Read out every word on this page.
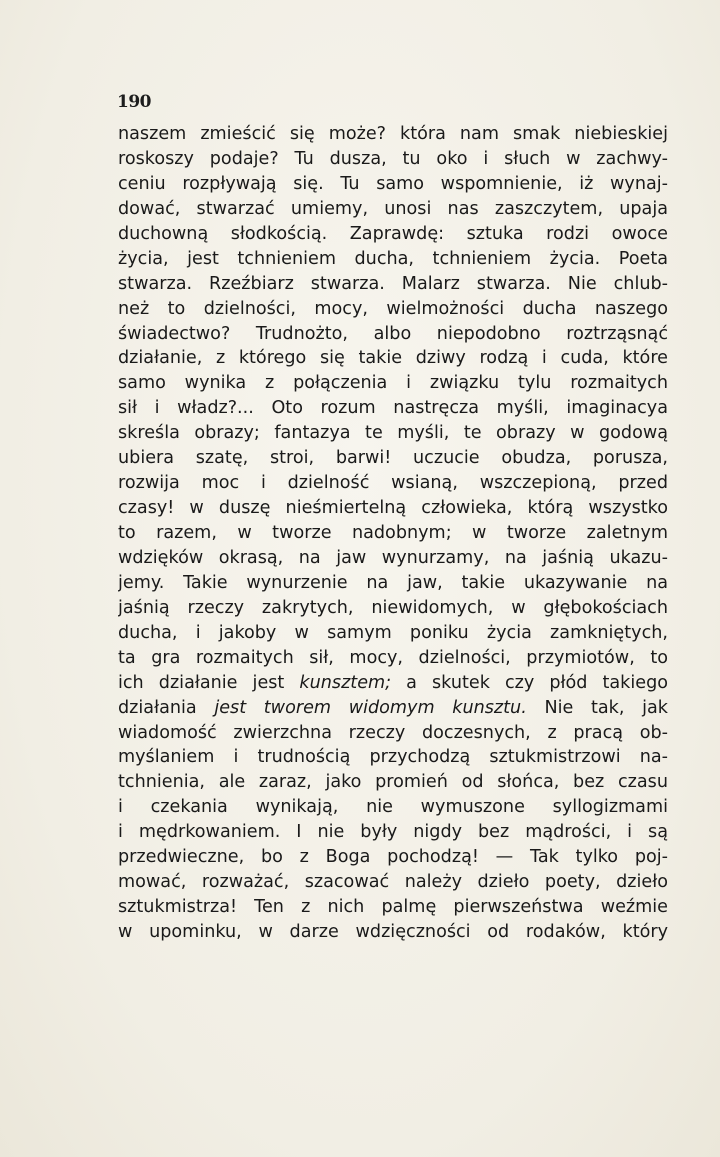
190
naszem zmieścić się może? która nam smak niebieskiej
roskoszy podaje? Tu dusza, tu oko i słuch w zachwy-
ceniu rozpływają się. Tu samo wspomnienie, iż wynaj-
dować, stwarzać umiemy, unosi nas zaszczytem, upaja
duchowną słodkością. Zaprawdę: sztuka rodzi owoce
życia, jest tchnieniem ducha, tchnieniem życia. Poeta
stwarza. Rzeźbiarz stwarza. Malarz stwarza. Nie chlub-
neż to dzielności, mocy, wielmożności ducha naszego
świadectwo? Trudnożto, albo niepodobno roztrząsnąć
działanie, z którego się takie dziwy rodzą i cuda, które
samo wynika z połączenia i związku tylu rozmaitych
sił i władz?... Oto rozum nastręcza myśli, imaginacya
skreśla obrazy; fantazya te myśli, te obrazy w godową
ubiera szatę, stroi, barwi! uczucie obudza, porusza,
rozwija moc i dzielność wsianą, wszczepioną, przed
czasy! w duszę nieśmiertelną człowieka, którą wszystko
to razem, w tworze nadobnym; w tworze zaletnym
wdzięków okrasą, na jaw wynurzamy, na jaśnią ukazu-
jemy. Takie wynurzenie na jaw, takie ukazywanie na
jaśnią rzeczy zakrytych, niewidomych, w głębokościach
ducha, i jakoby w samym poniku życia zamkniętych,
ta gra rozmaitych sił, mocy, dzielności, przymiotów, to
ich działanie jest kunsztem; a skutek czy płód takiego
działania jest tworem widomym kunsztu. Nie tak, jak
wiadomość zwierzchna rzeczy doczesnych, z pracą ob-
myślaniem i trudnością przychodzą sztukmistrzowi na-
tchnienia, ale zaraz, jako promień od słońca, bez czasu
i czekania wynikają, nie wymuszone syllogizmami
i mędrkowaniem. I nie były nigdy bez mądrości, i są
przedwieczne, bo z Boga pochodzą! — Tak tylko poj-
mować, rozważać, szacować należy dzieło poety, dzieło
sztukmistrza! Ten z nich palmę pierwszeństwa weźmie
w upominku, w darze wdzięczności od rodaków, który
